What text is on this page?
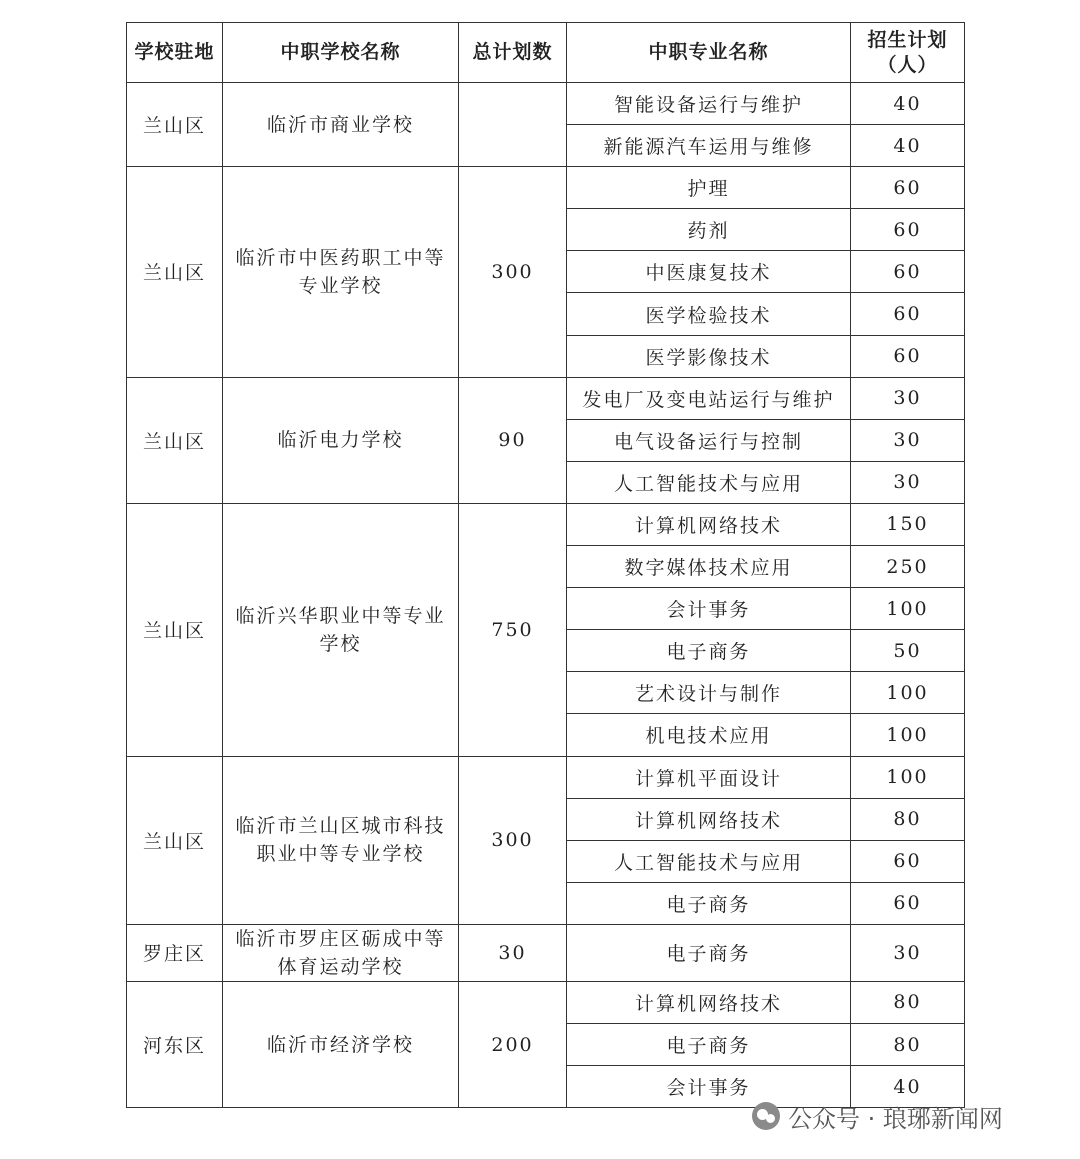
学校驻地	中职学校名称	总计划数	中职专业名称	招生计划（人）
兰山区	临沂市商业学校		智能设备运行与维护	40
			新能源汽车运用与维修	40
兰山区	临沂市中医药职工中等专业学校	300	护理	60
			药剂	60
			中医康复技术	60
			医学检验技术	60
			医学影像技术	60
兰山区	临沂电力学校	90	发电厂及变电站运行与维护	30
			电气设备运行与控制	30
			人工智能技术与应用	30
兰山区	临沂兴华职业中等专业学校	750	计算机网络技术	150
			数字媒体技术应用	250
			会计事务	100
			电子商务	50
			艺术设计与制作	100
			机电技术应用	100
兰山区	临沂市兰山区城市科技职业中等专业学校	300	计算机平面设计	100
			计算机网络技术	80
			人工智能技术与应用	60
			电子商务	60
罗庄区	临沂市罗庄区砺成中等体育运动学校	30	电子商务	30
河东区	临沂市经济学校	200	计算机网络技术	80
			电子商务	80
			会计事务	40
公众号 · 琅琊新闻网
